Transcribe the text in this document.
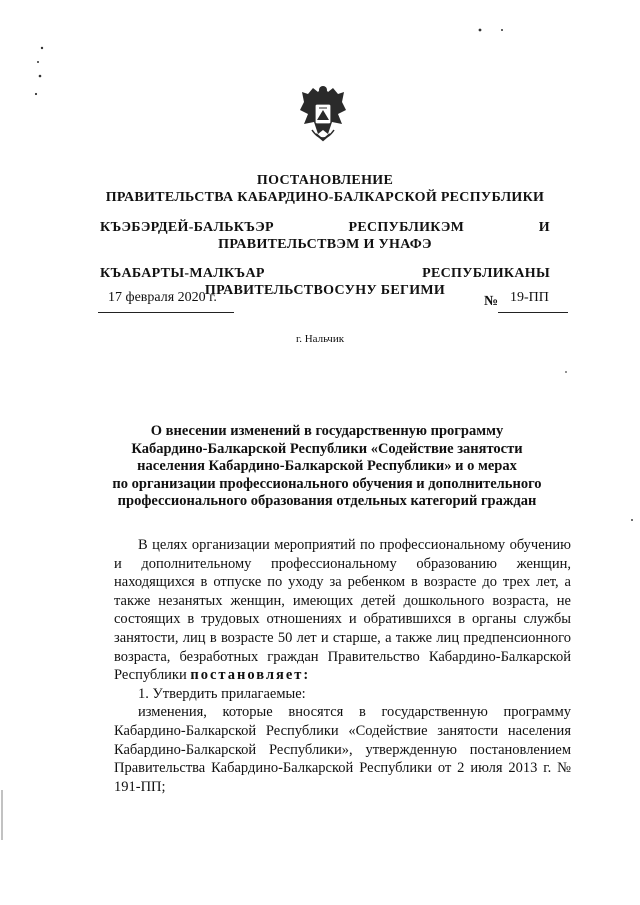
ПОСТАНОВЛЕНИЕ
ПРАВИТЕЛЬСТВА КАБАРДИНО-БАЛКАРСКОЙ РЕСПУБЛИКИ
КЪЭБЭРДЕЙ-БАЛЬКЪЭР РЕСПУБЛИКЭМ И ПРАВИТЕЛЬСТВЭМ И УНАФЭ
КЪАБАРТЫ-МАЛКЪАР РЕСПУБЛИКАНЫ ПРАВИТЕЛЬСТВОСУНУ БЕГИМИ
17 февраля 2020 г.	№ 19-ПП
г. Нальчик
О внесении изменений в государственную программу
Кабардино-Балкарской Республики «Содействие занятости
населения Кабардино-Балкарской Республики» и о мерах
по организации профессионального обучения и дополнительного
профессионального образования отдельных категорий граждан

В целях организации мероприятий по профессиональному обучению и дополнительному профессиональному образованию женщин, находящихся в отпуске по уходу за ребенком в возрасте до трех лет, а также незанятых женщин, имеющих детей дошкольного возраста, не состоящих в трудовых отношениях и обратившихся в органы службы занятости, лиц в возрасте 50 лет и старше, а также лиц предпенсионного возраста, безработных граждан Правительство Кабардино-Балкарской Республики постановляет:

1. Утвердить прилагаемые:

изменения, которые вносятся в государственную программу Кабардино-Балкарской Республики «Содействие занятости населения Кабардино-Балкарской Республики», утвержденную постановлением Правительства Кабардино-Балкарской Республики от 2 июля 2013 г. № 191-ПП;
